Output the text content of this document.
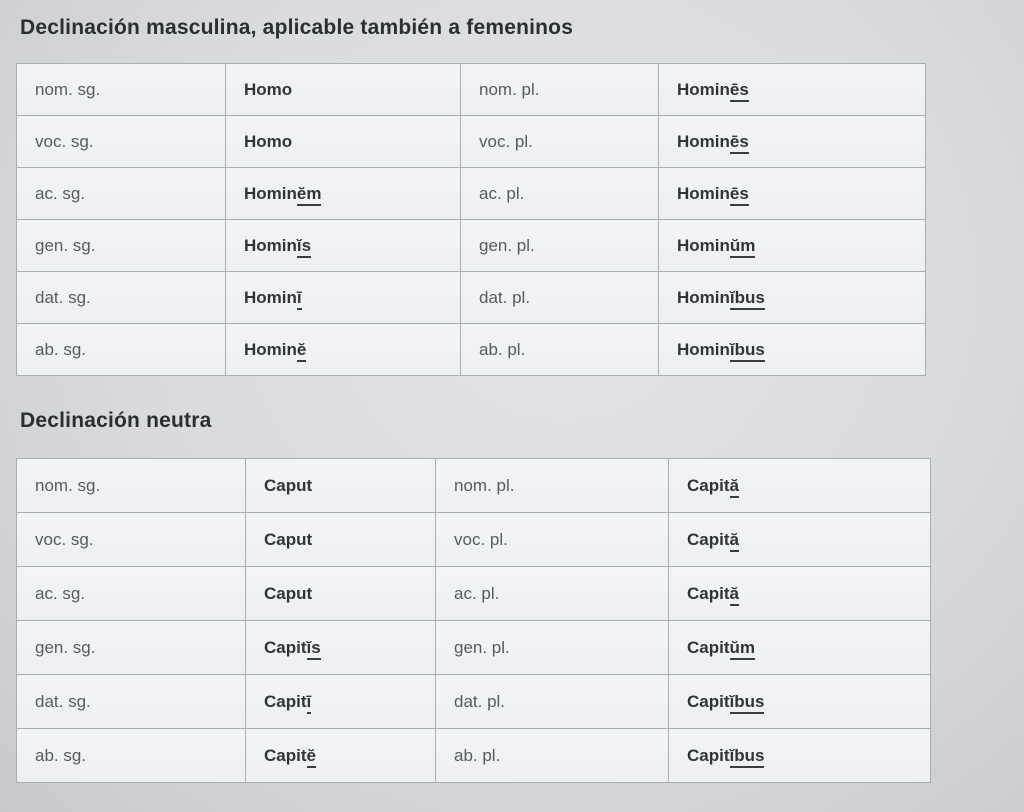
Declinación masculina, aplicable también a femeninos
nom. sg.	Homo	nom. pl.	Hominēs
voc. sg.	Homo	voc. pl.	Hominēs
ac. sg.	Hominĕm	ac. pl.	Hominēs
gen. sg.	Hominĭs	gen. pl.	Hominŭm
dat. sg.	Hominī	dat. pl.	Hominĭbus
ab. sg.	Hominĕ	ab. pl.	Hominĭbus
Declinación neutra
nom. sg.	Caput	nom. pl.	Capită
voc. sg.	Caput	voc. pl.	Capită
ac. sg.	Caput	ac. pl.	Capită
gen. sg.	Capitĭs	gen. pl.	Capitŭm
dat. sg.	Capitī	dat. pl.	Capitĭbus
ab. sg.	Capitĕ	ab. pl.	Capitĭbus
